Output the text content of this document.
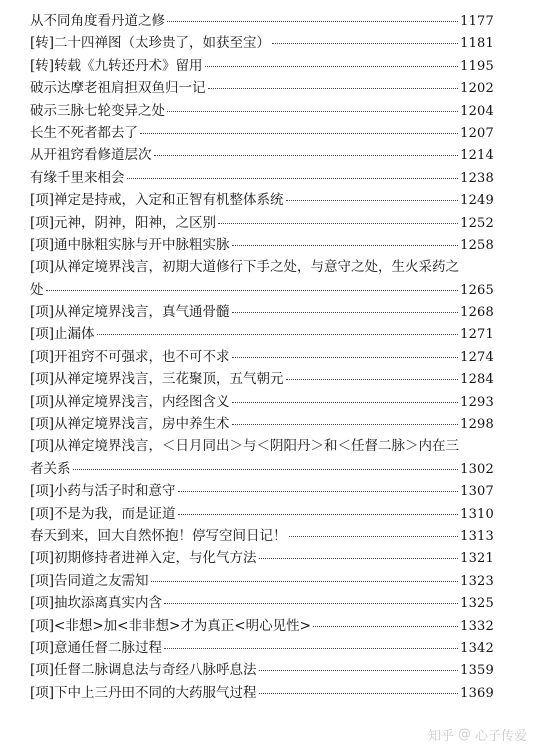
从不同角度看丹道之修	1177
[转]二十四禅图（太珍贵了，如获至宝）	1181
[转]转载《九转还丹术》留用	1195
破示达摩老祖肩担双鱼归一记	1202
破示三脉七轮变异之处	1204
长生不死者都去了	1207
从开祖窍看修道层次	1214
有缘千里来相会	1238
[项]禅定是持戒，入定和正智有机整体系统	1249
[项]元神，阴神，阳神，之区别	1252
[项]通中脉粗实脉与开中脉粗实脉	1258
[项]从禅定境界浅言，初期大道修行下手之处，与意守之处，生火采药之
处	1265
[项]从禅定境界浅言，真气通骨髓	1268
[项]止漏体	1271
[项]开祖窍不可强求，也不可不求	1274
[项]从禅定境界浅言，三花聚顶，五气朝元	1284
[项]从禅定境界浅言，内经图含义	1293
[项]从禅定境界浅言，房中养生术	1298
[项]从禅定境界浅言，＜日月同出＞与＜阴阳丹＞和＜任督二脉＞内在三
者关系	1302
[项]小药与活子时和意守	1307
[项]不是为我，而是证道	1310
春天到来，回大自然怀抱！停写空间日记！	1313
[项]初期修持者进禅入定，与化气方法	1321
[项]告同道之友需知	1323
[项]抽坎添离真实内含	1325
[项]<非想>加<非非想>才为真正<明心见性>	1332
[项]意通任督二脉过程	1342
[项]任督二脉调息法与奇经八脉呼息法	1359
[项]下中上三丹田不同的大药服气过程	1369
知乎 @ 心子传爱
